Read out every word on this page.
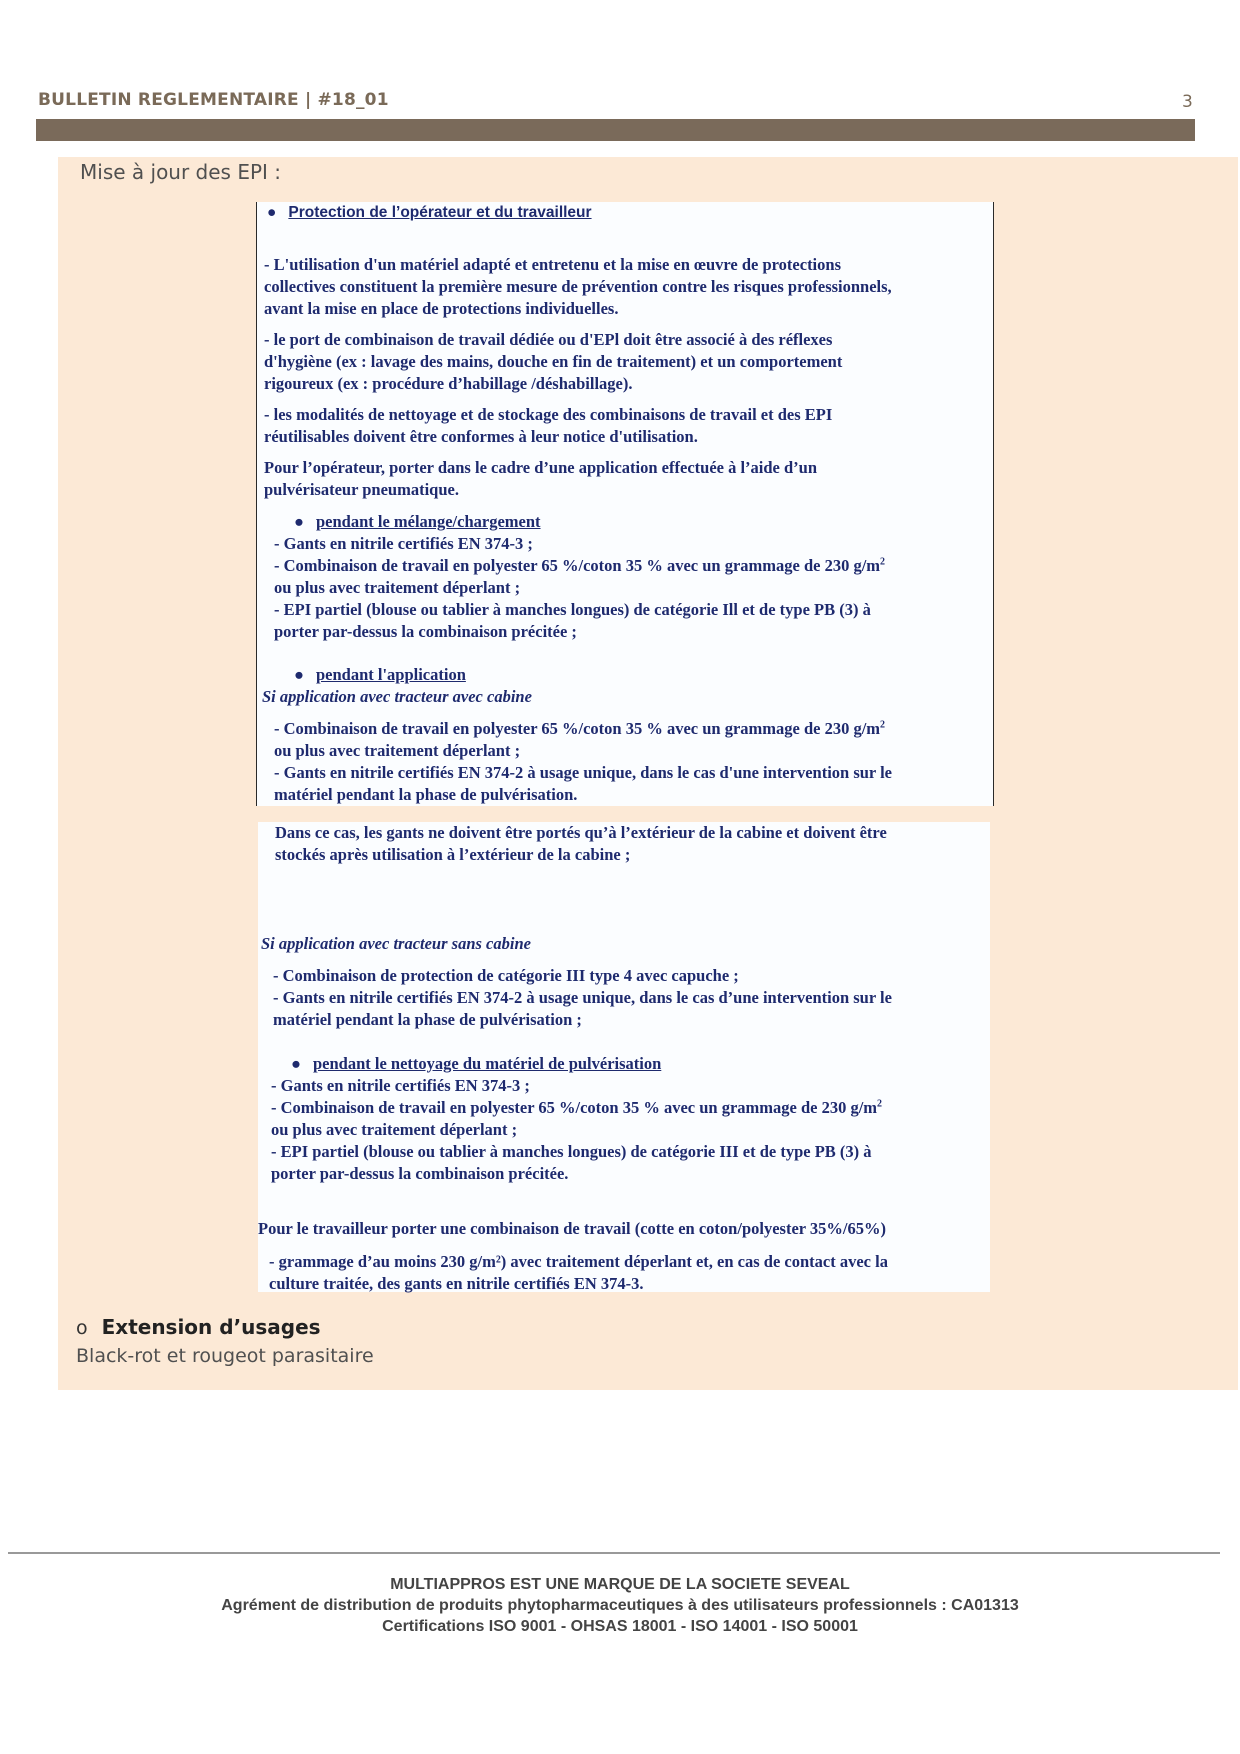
BULLETIN REGLEMENTAIRE | #18_01	3
Mise à jour des EPI :
● Protection de l’opérateur et du travailleur
- L'utilisation d'un matériel adapté et entretenu et la mise en œuvre de protections
collectives constituent la première mesure de prévention contre les risques professionnels,
avant la mise en place de protections individuelles.
- le port de combinaison de travail dédiée ou d'EPl doit être associé à des réflexes
d'hygiène (ex : lavage des mains, douche en fin de traitement) et un comportement
rigoureux (ex : procédure d’habillage /déshabillage).
- les modalités de nettoyage et de stockage des combinaisons de travail et des EPI
réutilisables doivent être conformes à leur notice d'utilisation.
Pour l’opérateur, porter dans le cadre d’une application effectuée à l’aide d’un
pulvérisateur pneumatique.
● pendant le mélange/chargement
- Gants en nitrile certifiés EN 374-3 ;
- Combinaison de travail en polyester 65 %/coton 35 % avec un grammage de 230 $g/m^2$
ou plus avec traitement déperlant ;
- EPI partiel (blouse ou tablier à manches longues) de catégorie Ill et de type PB (3) à
porter par-dessus la combinaison précitée ;
● pendant l'application
Si application avec tracteur avec cabine
- Combinaison de travail en polyester 65 %/coton 35 % avec un grammage de 230 $g/m^2$
ou plus avec traitement déperlant ;
- Gants en nitrile certifiés EN 374-2 à usage unique, dans le cas d'une intervention sur le
matériel pendant la phase de pulvérisation.
Dans ce cas, les gants ne doivent être portés qu’à l’extérieur de la cabine et doivent être
stockés après utilisation à l’extérieur de la cabine ;
Si application avec tracteur sans cabine
- Combinaison de protection de catégorie III type 4 avec capuche ;
- Gants en nitrile certifiés EN 374-2 à usage unique, dans le cas d’une intervention sur le
matériel pendant la phase de pulvérisation ;
● pendant le nettoyage du matériel de pulvérisation
- Gants en nitrile certifiés EN 374-3 ;
- Combinaison de travail en polyester 65 %/coton 35 % avec un grammage de 230 $g/m^2$
ou plus avec traitement déperlant ;
- EPI partiel (blouse ou tablier à manches longues) de catégorie III et de type PB (3) à
porter par-dessus la combinaison précitée.
Pour le travailleur porter une combinaison de travail (cotte en coton/polyester 35%/65%)
- grammage d’au moins 230 g/m²) avec traitement déperlant et, en cas de contact avec la
culture traitée, des gants en nitrile certifiés EN 374-3.
o Extension d’usages
Black-rot et rougeot parasitaire
MULTIAPPROS EST UNE MARQUE DE LA SOCIETE SEVEAL
Agrément de distribution de produits phytopharmaceutiques à des utilisateurs professionnels : CA01313
Certifications ISO 9001 - OHSAS 18001 - ISO 14001 - ISO 50001
